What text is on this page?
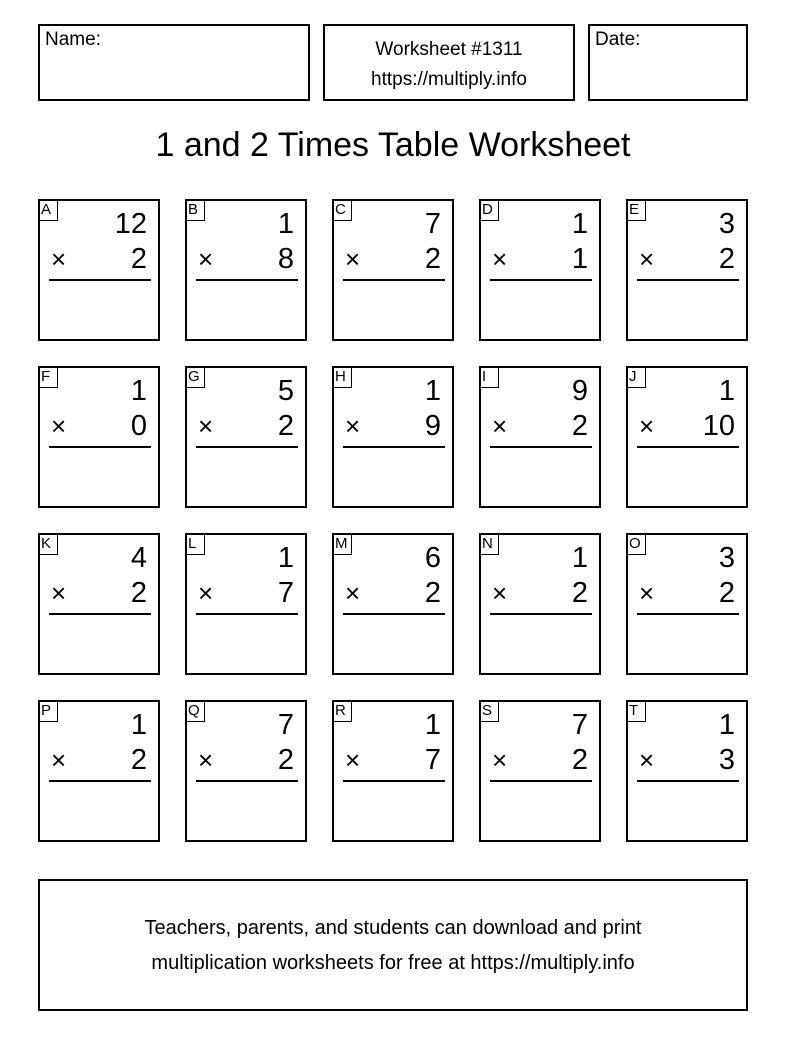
Name:	Worksheet #1311
https://multiply.info
Date:
1 and 2 Times Table Worksheet
A 12
× 2
B	1
× 8
C	7
× 2
D	1
× 1
E	3
× 2
F	1
× 0
G	5
× 2
H	1
× 9
I	9
× 2
J	1
× 10
K	4
× 2
L	1
× 7
M	6
× 2
N	1
× 2
O	3
× 2
P	1
× 2
Q	7
× 2
R	1
× 7
S	7
× 2
T	1
× 3
Teachers, parents, and students can download and print
multiplication worksheets for free at https://multiply.info
